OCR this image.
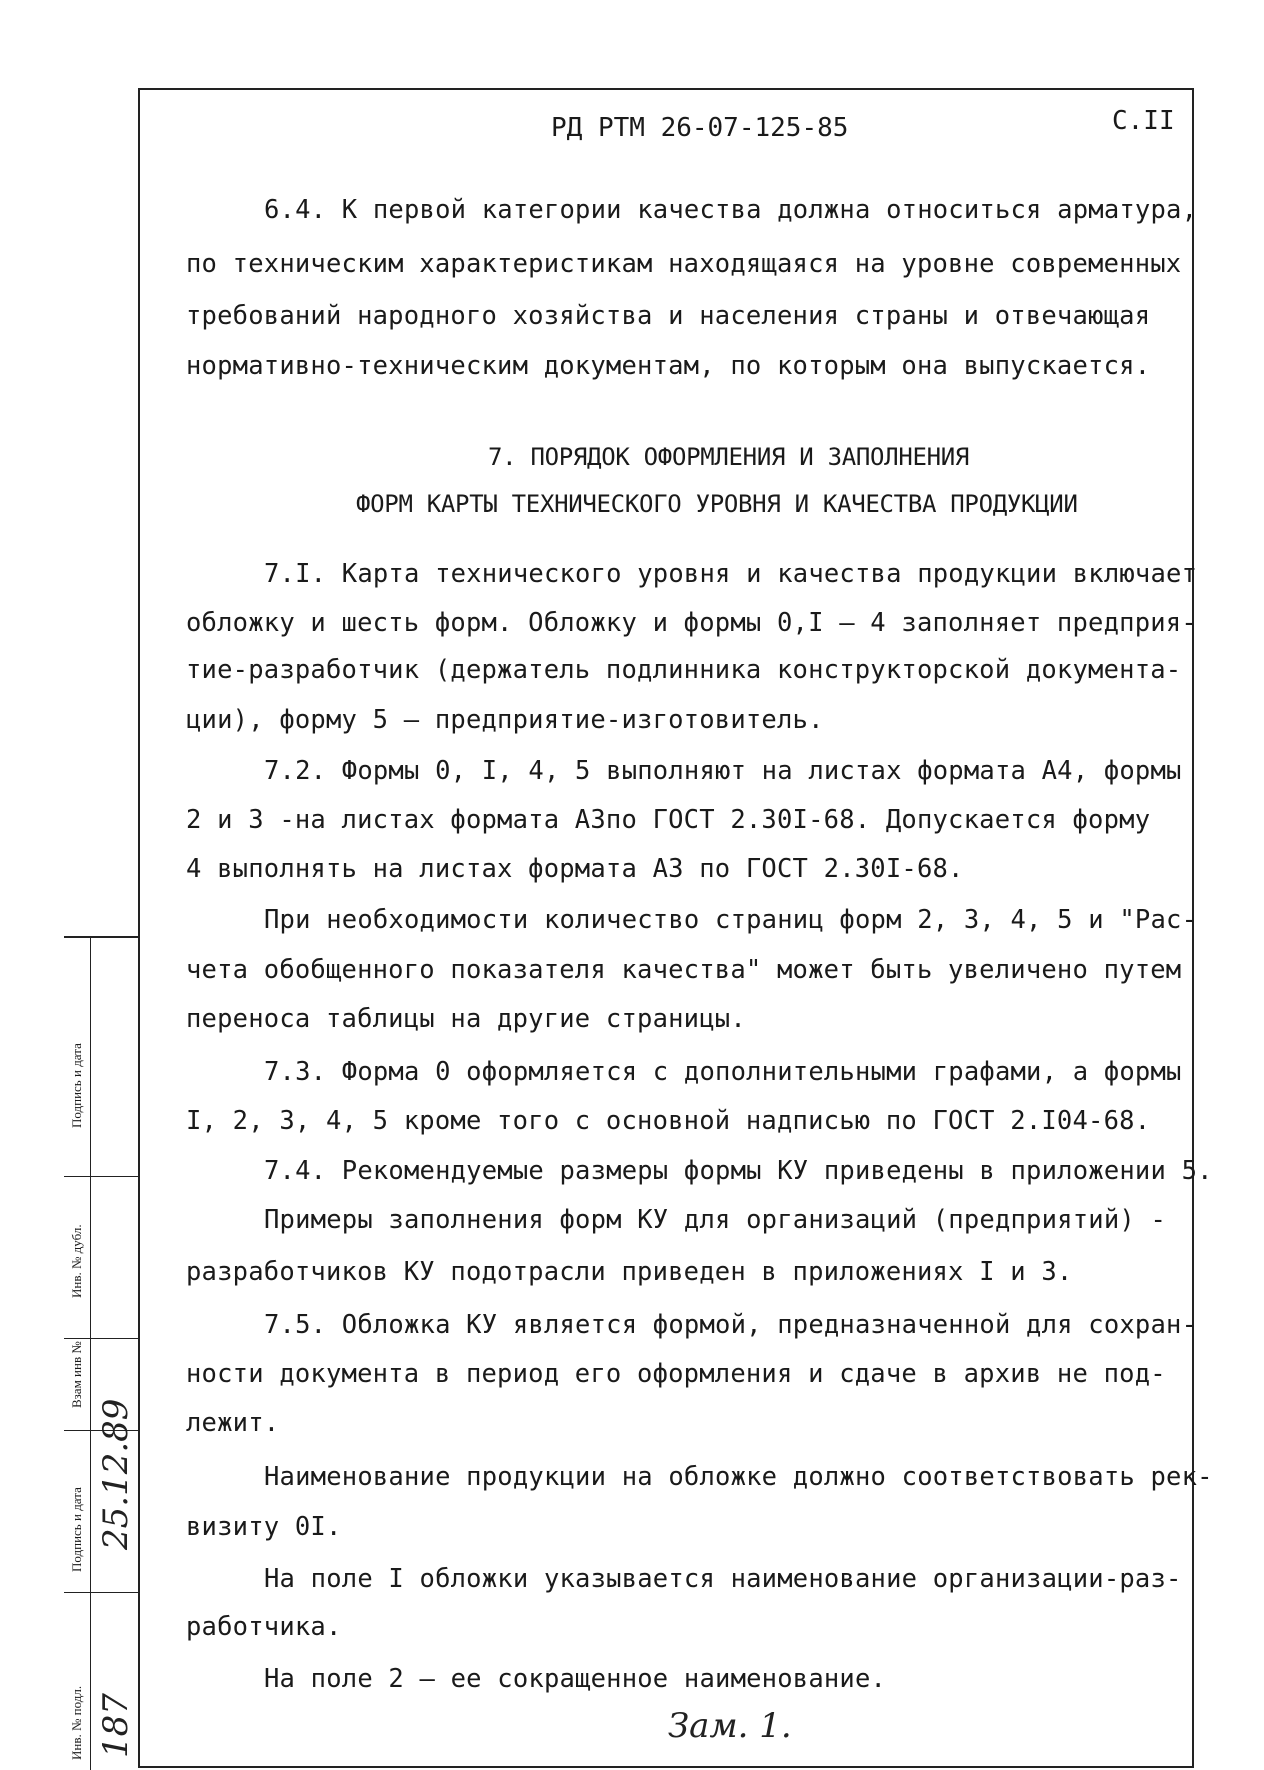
РД РТМ 26-07-125-85	С.II
6.4. К первой категории качества должна относиться арматура,
по техническим характеристикам находящаяся на уровне современных
требований народного хозяйства и населения страны и отвечающая
нормативно-техническим документам, по которым она выпускается.
7.I. Карта технического уровня и качества продукции включает
обложку и шесть форм. Обложку и формы 0,I – 4 заполняет предприя-
тие-разработчик (держатель подлинника конструкторской документа-
ции), форму 5 – предприятие-изготовитель.
7.2. Формы 0, I, 4, 5 выполняют на листах формата А4, формы
2 и 3 -на листах формата А3по ГОСТ 2.30I-68. Допускается форму
4 выполнять на листах формата А3 по ГОСТ 2.30I-68.
При необходимости количество страниц форм 2, 3, 4, 5 и "Рас-
чета обобщенного показателя качества" может быть увеличено путем
переноса таблицы на другие страницы.
7.3. Форма 0 оформляется с дополнительными графами, а формы
I, 2, 3, 4, 5 кроме того с основной надписью по ГОСТ 2.I04-68.
7.4. Рекомендуемые размеры формы КУ приведены в приложении 5.
Примеры заполнения форм КУ для организаций (предприятий) -
разработчиков КУ подотрасли приведен в приложениях I и 3.
7.5. Обложка КУ является формой, предназначенной для сохран-
ности документа в период его оформления и сдаче в архив не под-
лежит.
Наименование продукции на обложке должно соответствовать рек-
визиту 0I.
На поле I обложки указывается наименование организации-раз-
работчика.
На поле 2 – ее сокращенное наименование.
7. ПОРЯДОК ОФОРМЛЕНИЯ И ЗАПОЛНЕНИЯ
ФОРМ КАРТЫ ТЕХНИЧЕСКОГО УРОВНЯ И КАЧЕСТВА ПРОДУКЦИИ
Подпись и дата
Инв. № дубл.
Взам инв №
Подпись и дата
Инв. № подл.
25.12.89
187	Зам. 1.
